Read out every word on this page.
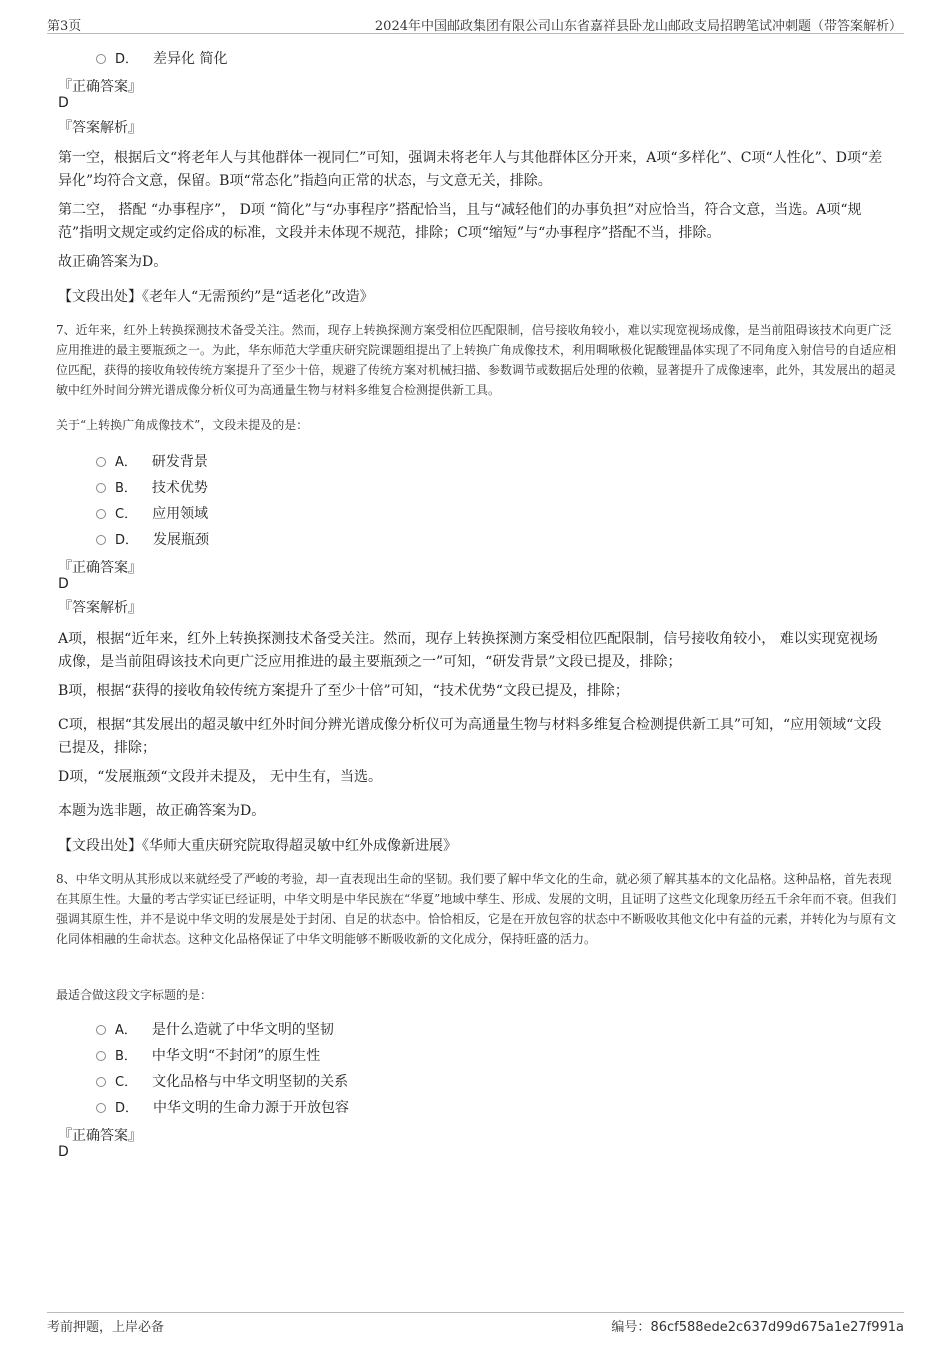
第3页	2024年中国邮政集团有限公司山东省嘉祥县卧龙山邮政支局招聘笔试冲刺题（带答案解析）
D． 差异化 简化
『正确答案』
D
『答案解析』
第一空，根据后文“将老年人与其他群体一视同仁”可知，强调未将老年人与其他群体区分开来，A项“多样化”、C项“人性化”、D项“差异化”均符合文意，保留。B项“常态化”指趋向正常的状态，与文意无关，排除。
第二空， 搭配 “办事程序”， D项 “简化”与“办事程序”搭配恰当，且与“减轻他们的办事负担”对应恰当，符合文意，当选。A项“规范”指明文规定或约定俗成的标准，文段并未体现不规范，排除；C项“缩短”与“办事程序”搭配不当，排除。
故正确答案为D。
【文段出处】《老年人“无需预约”是“适老化”改造》
7、近年来，红外上转换探测技术备受关注。然而，现存上转换探测方案受相位匹配限制，信号接收角较小，难以实现宽视场成像，是当前阻碍该技术向更广泛应用推进的最主要瓶颈之一。为此，华东师范大学重庆研究院课题组提出了上转换广角成像技术，利用啁啾极化铌酸锂晶体实现了不同角度入射信号的自适应相位匹配，获得的接收角较传统方案提升了至少十倍，规避了传统方案对机械扫描、参数调节或数据后处理的依赖，显著提升了成像速率，此外，其发展出的超灵敏中红外时间分辨光谱成像分析仪可为高通量生物与材料多维复合检测提供新工具。
关于“上转换广角成像技术”，文段未提及的是：
A． 研发背景
B． 技术优势
C． 应用领域
D． 发展瓶颈
『正确答案』
D
『答案解析』
A项，根据“近年来，红外上转换探测技术备受关注。然而，现存上转换探测方案受相位匹配限制，信号接收角较小， 难以实现宽视场成像，是当前阻碍该技术向更广泛应用推进的最主要瓶颈之一”可知，“研发背景”文段已提及，排除；
B项，根据“获得的接收角较传统方案提升了至少十倍”可知，“技术优势“文段已提及，排除；
C项，根据“其发展出的超灵敏中红外时间分辨光谱成像分析仪可为高通量生物与材料多维复合检测提供新工具”可知，“应用领域“文段已提及，排除；
D项，“发展瓶颈“文段并未提及， 无中生有，当选。
本题为选非题，故正确答案为D。
【文段出处】《华师大重庆研究院取得超灵敏中红外成像新进展》
8、中华文明从其形成以来就经受了严峻的考验，却一直表现出生命的坚韧。我们要了解中华文化的生命，就必须了解其基本的文化品格。这种品格，首先表现在其原生性。大量的考古学实证已经证明，中华文明是中华民族在“华夏”地域中孳生、形成、发展的文明，且证明了这些文化现象历经五千余年而不衰。但我们强调其原生性，并不是说中华文明的发展是处于封闭、自足的状态中。恰恰相反，它是在开放包容的状态中不断吸收其他文化中有益的元素，并转化为与原有文化同体相融的生命状态。这种文化品格保证了中华文明能够不断吸收新的文化成分，保持旺盛的活力。
最适合做这段文字标题的是：
A． 是什么造就了中华文明的坚韧
B． 中华文明“不封闭”的原生性
C． 文化品格与中华文明坚韧的关系
D． 中华文明的生命力源于开放包容
『正确答案』
D
考前押题，上岸必备	编号：86cf588ede2c637d99d675a1e27f991a
